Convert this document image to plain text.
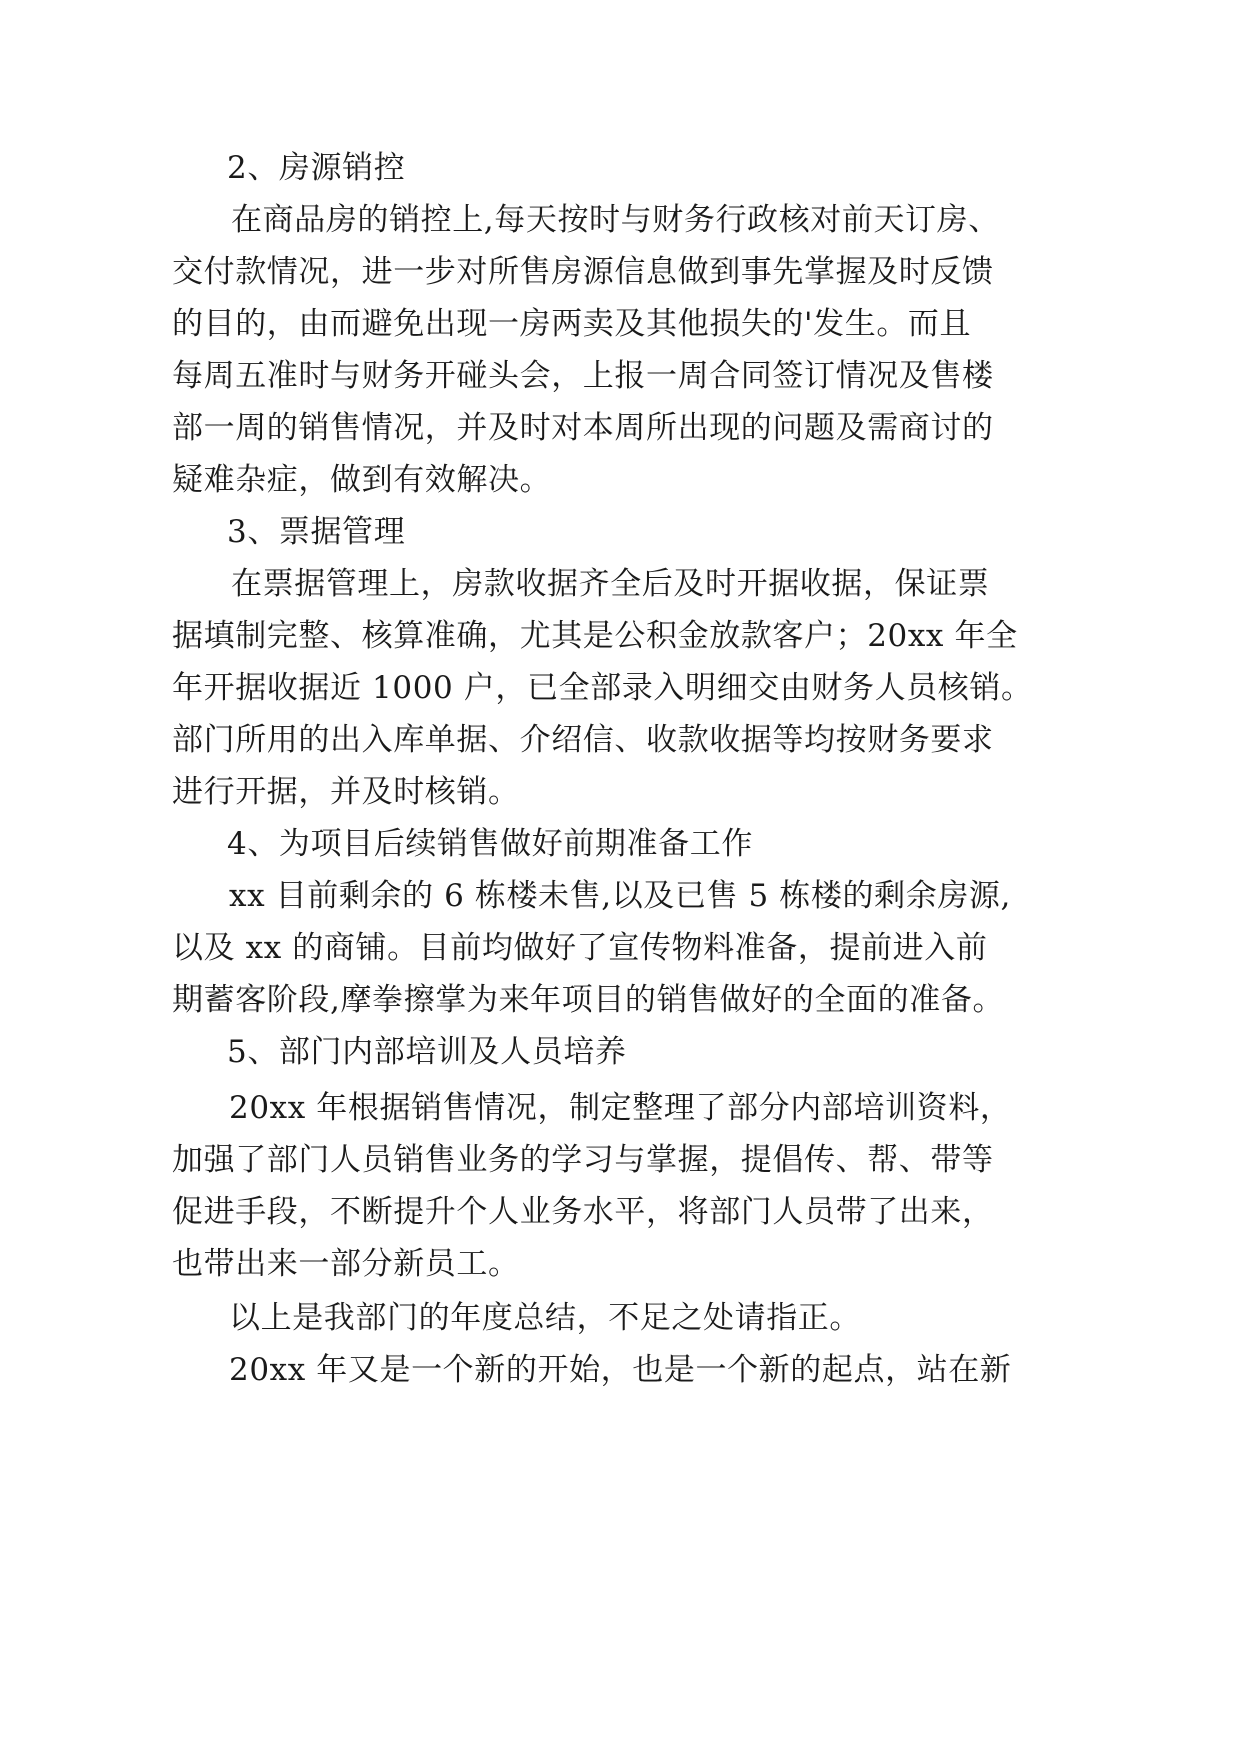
2、房源销控

在商品房的销控上,每天按时与财务行政核对前天订房、

交付款情况，进一步对所售房源信息做到事先掌握及时反馈

的目的，由而避免出现一房两卖及其他损失的'发生。而且

每周五准时与财务开碰头会，上报一周合同签订情况及售楼

部一周的销售情况，并及时对本周所出现的问题及需商讨的

疑难杂症，做到有效解决。

3、票据管理

在票据管理上，房款收据齐全后及时开据收据，保证票

据填制完整、核算准确，尤其是公积金放款客户；20xx 年全

年开据收据近 1000 户，已全部录入明细交由财务人员核销。

部门所用的出入库单据、介绍信、收款收据等均按财务要求

进行开据，并及时核销。

4、为项目后续销售做好前期准备工作

xx 目前剩余的 6 栋楼未售,以及已售 5 栋楼的剩余房源,

以及 xx 的商铺。目前均做好了宣传物料准备，提前进入前

期蓄客阶段,摩拳擦掌为来年项目的销售做好的全面的准备。

5、部门内部培训及人员培养

20xx 年根据销售情况，制定整理了部分内部培训资料，

加强了部门人员销售业务的学习与掌握，提倡传、帮、带等

促进手段，不断提升个人业务水平，将部门人员带了出来，

也带出来一部分新员工。

以上是我部门的年度总结，不足之处请指正。

20xx 年又是一个新的开始，也是一个新的起点，站在新
